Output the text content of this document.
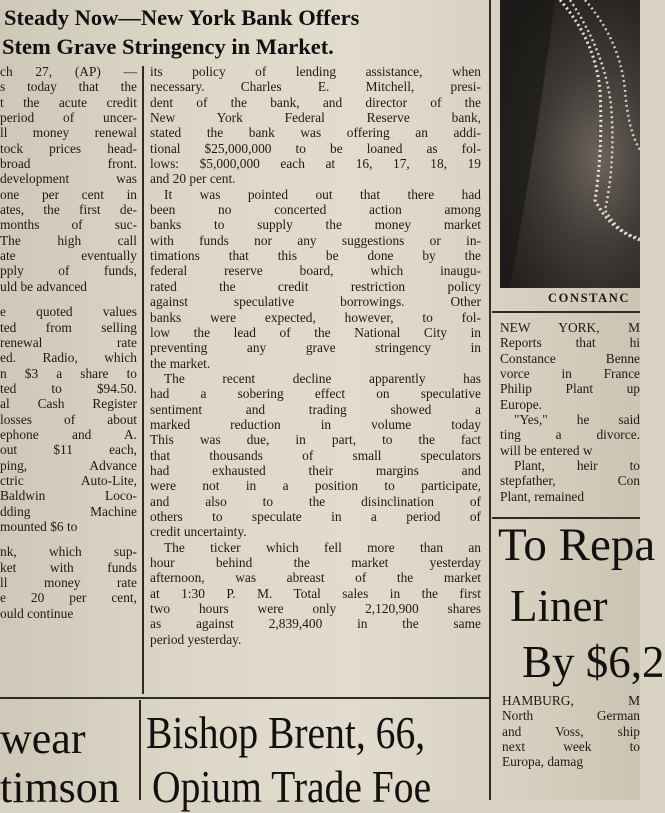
Steady Now—New York Bank Offers
Stem Grave Stringency in Market.
ch 27, (AP) —
s today that the
t the acute credit
period of uncer-
ll money renewal
tock prices head-
broad front.
development was
one per cent in
ates, the first de-
months of suc-
The high call
ate eventually
pply of funds,
uld be advanced
e quoted values
ted from selling
renewal rate
ed. Radio, which
n $3 a share to
ted to $94.50.
al Cash Register
losses of about
ephone and A.
out $11 each,
ping, Advance
ctric Auto-Lite,
Baldwin Loco-
dding Machine
mounted $6 to
nk, which sup-
ket with funds
ll money rate
e 20 per cent,
ould continue
its policy of lending assistance, when
necessary. Charles E. Mitchell, presi-
dent of the bank, and director of the
New York Federal Reserve bank,
stated the bank was offering an addi-
tional $25,000,000 to be loaned as fol-
lows: $5,000,000 each at 16, 17, 18, 19
and 20 per cent.
It was pointed out that there had
been no concerted action among
banks to supply the money market
with funds nor any suggestions or in-
timations that this be done by the
federal reserve board, which inaugu-
rated the credit restriction policy
against speculative borrowings. Other
banks were expected, however, to fol-
low the lead of the National City in
preventing any grave stringency in
the market.
The recent decline apparently has
had a sobering effect on speculative
sentiment and trading showed a
marked reduction in volume today
This was due, in part, to the fact
that thousands of small speculators
had exhausted their margins and
were not in a position to participate,
and also to the disinclination of
others to speculate in a period of
credit uncertainty.
The ticker which fell more than an
hour behind the market yesterday
afternoon, was abreast of the market
at 1:30 P. M. Total sales in the first
two hours were only 2,120,900 shares
as against 2,839,400 in the same
period yesterday.
CONSTANC
NEW YORK, M
Reports that hi
Constance Benne
vorce in France
Philip Plant up
Europe.
"Yes," he said
ting a divorce.
will be entered w
Plant, heir to
stepfather, Con
Plant, remained
To Repa
Liner
By $6,2
HAMBURG, M
North German
and Voss, ship
next week to
Europa, damag
wear
timson
Bishop Brent, 66,
Opium Trade Foe
